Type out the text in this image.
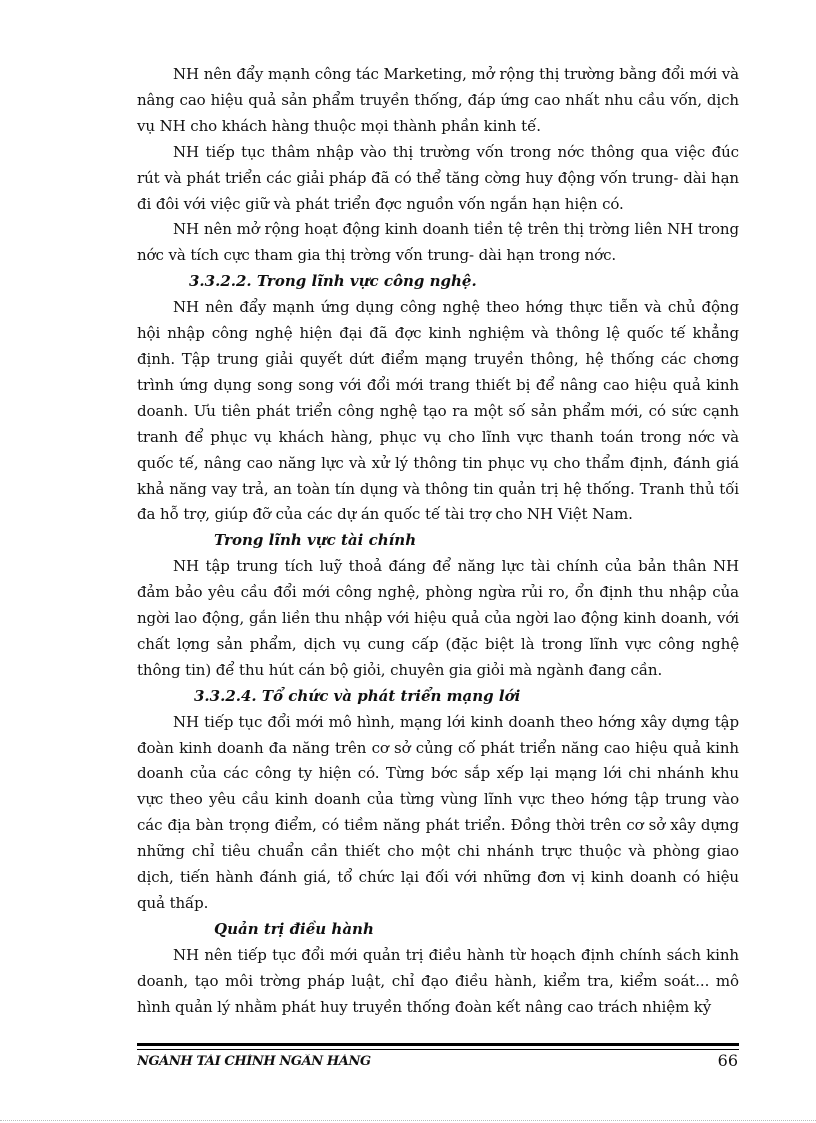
NH nên đẩy mạnh công tác Marketing, mở rộng thị trường bằng đổi mới và nâng cao hiệu quả sản phẩm truyền thống, đáp ứng cao nhất nhu cầu vốn, dịch vụ NH cho khách hàng thuộc mọi thành phần kinh tế.

NH tiếp tục thâm nhập vào thị trường vốn trong nớc thông qua việc đúc rút và phát triển các giải pháp đã có thể tăng cờng huy động vốn trung- dài hạn đi đôi với việc giữ và phát triển đợc nguồn vốn ngắn hạn hiện có.

NH nên mở rộng hoạt động kinh doanh tiền tệ trên thị trờng liên NH trong nớc và tích cực tham gia thị trờng vốn trung- dài hạn trong nớc.

3.3.2.2. Trong lĩnh vực công nghệ.

NH nên đẩy mạnh ứng dụng công nghệ theo hớng thực tiễn và chủ động hội nhập công nghệ hiện đại đã đợc kinh nghiệm và thông lệ quốc tế khẳng định. Tập trung giải quyết dứt điểm mạng truyền thông, hệ thống các chơng trình ứng dụng song song với đổi mới trang thiết bị để nâng cao hiệu quả kinh doanh. Ưu tiên phát triển công nghệ tạo ra một số sản phẩm mới, có sức cạnh tranh để phục vụ khách hàng, phục vụ cho lĩnh vực thanh toán trong nớc và quốc tế, nâng cao năng lực và xử lý thông tin phục vụ cho thẩm định, đánh giá khả năng vay trả, an toàn tín dụng và thông tin quản trị hệ thống. Tranh thủ tối đa hỗ trợ, giúp đỡ của các dự án quốc tế tài trợ cho NH Việt Nam.

Trong lĩnh vực tài chính

NH tập trung tích luỹ thoả đáng để năng lực tài chính của bản thân NH đảm bảo yêu cầu đổi mới công nghệ, phòng ngừa rủi ro, ổn định thu nhập của ngời lao động, gắn liền thu nhập với hiệu quả của ngời lao động kinh doanh, với chất lợng sản phẩm, dịch vụ cung cấp (đặc biệt là trong lĩnh vực công nghệ thông tin) để thu hút cán bộ giỏi, chuyên gia giỏi mà ngành đang cần.

3.3.2.4. Tổ chức và phát triển mạng lới

NH tiếp tục đổi mới mô hình, mạng lới kinh doanh theo hớng xây dựng tập đoàn kinh doanh đa năng trên cơ sở củng cố phát triển năng cao hiệu quả kinh doanh của các công ty hiện có. Từng bớc sắp xếp lại mạng lới chi nhánh khu vực theo yêu cầu kinh doanh của từng vùng lĩnh vực theo hớng tập trung vào các địa bàn trọng điểm, có tiềm năng phát triển. Đồng thời trên cơ sở xây dựng những chỉ tiêu chuẩn cần thiết cho một chi nhánh trực thuộc và phòng giao dịch, tiến hành đánh giá, tổ chức lại đối với những đơn vị kinh doanh có hiệu quả thấp.

Quản trị điều hành

NH nên tiếp tục đổi mới quản trị điều hành từ hoạch định chính sách kinh doanh, tạo môi trờng pháp luật, chỉ đạo điều hành, kiểm tra, kiểm soát... mô hình quản lý nhằm phát huy truyền thống đoàn kết nâng cao trách nhiệm kỷ

NGÀNH TÀI CHÍNH NGÂN HÀNG	66
